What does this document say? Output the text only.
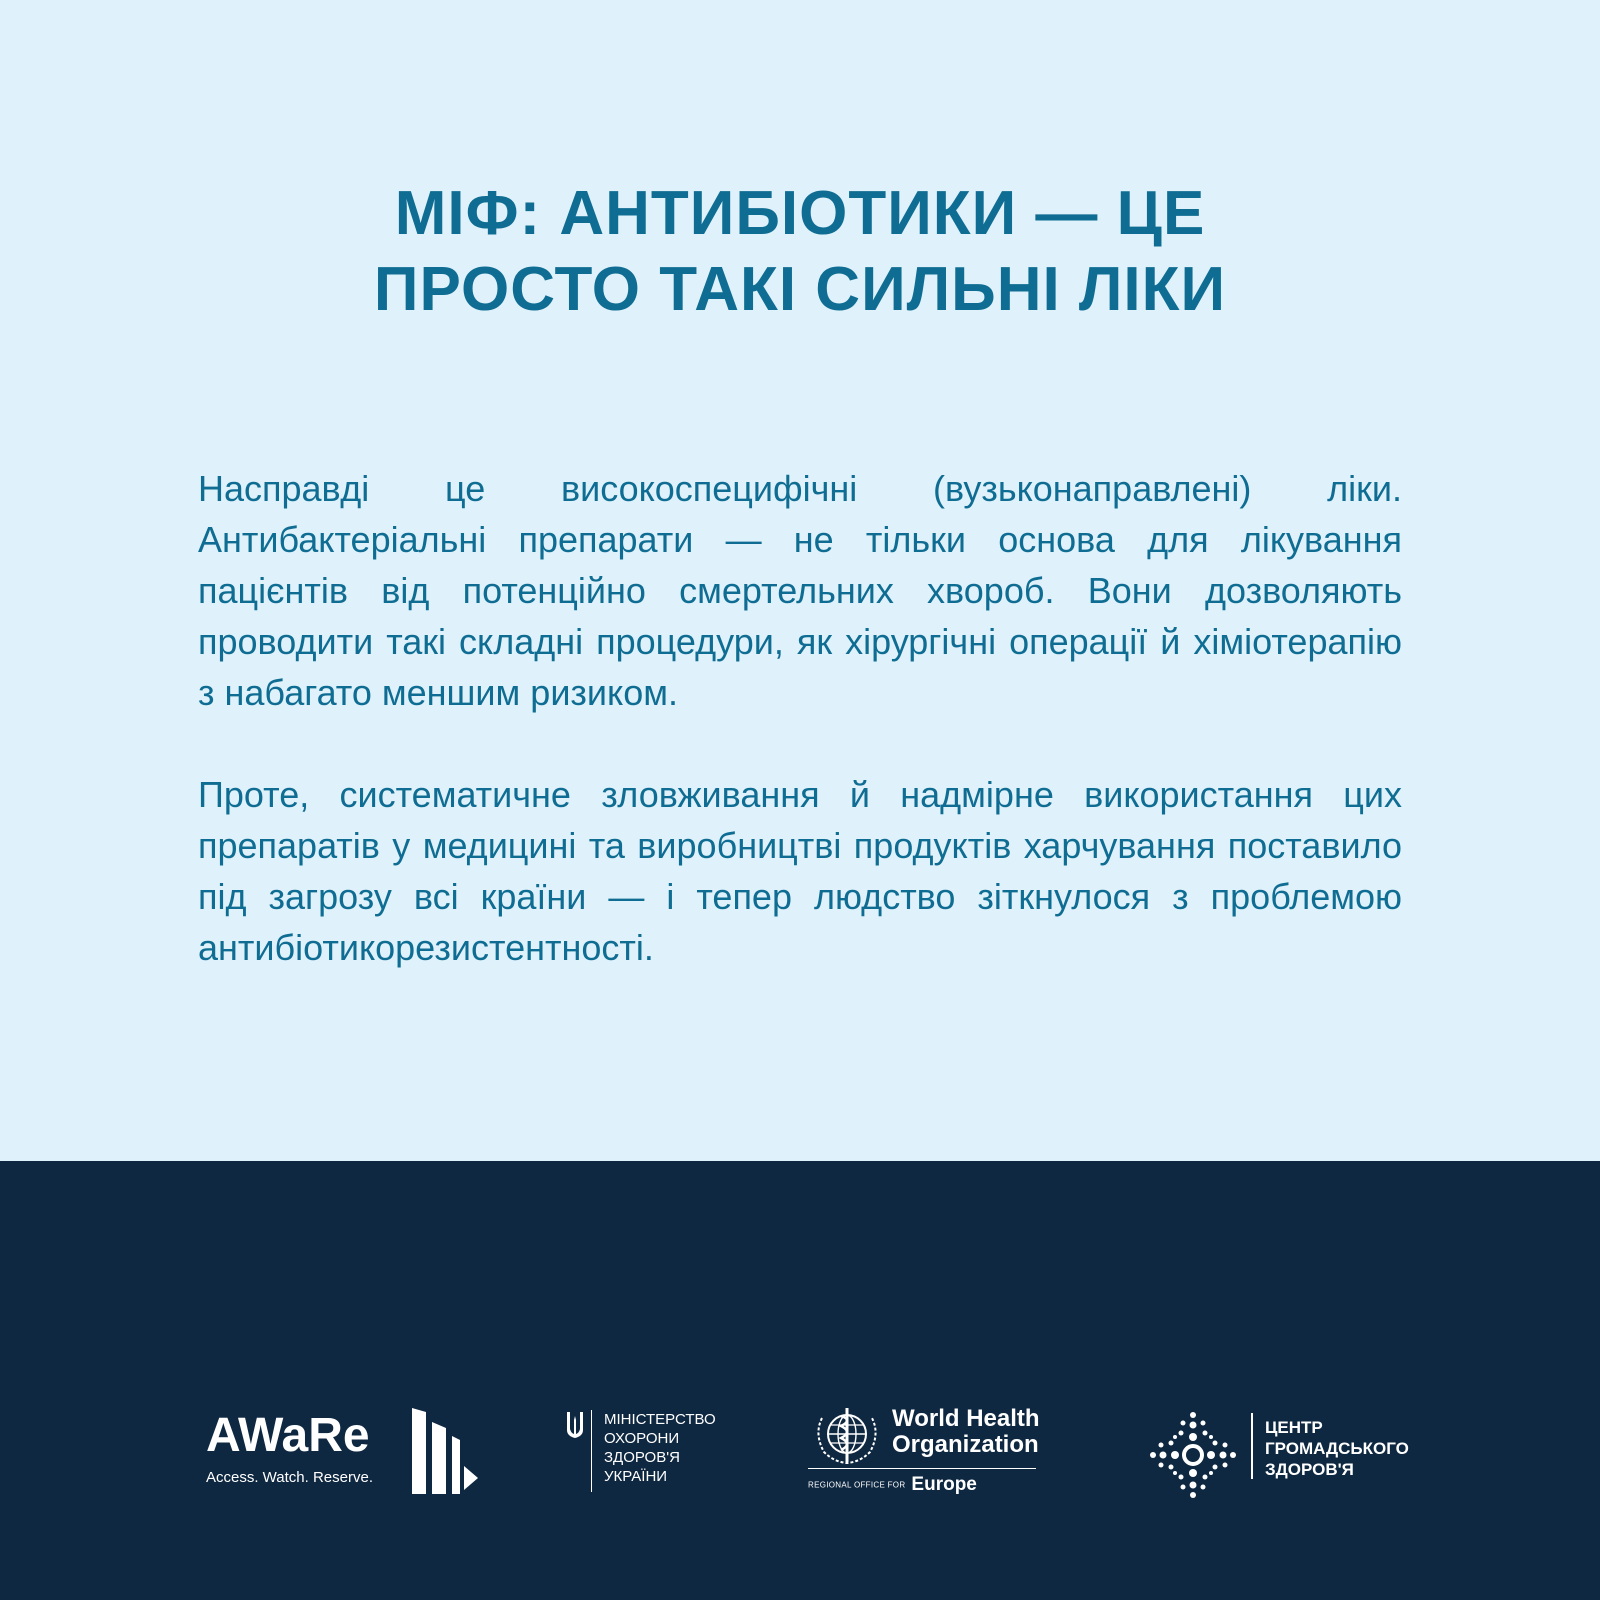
МІФ: АНТИБІОТИКИ — ЦЕ
ПРОСТО ТАКІ СИЛЬНІ ЛІКИ

Насправді це високоспецифічні (вузьконаправлені) ліки. Антибактеріальні препарати — не тільки основа для лікування пацієнтів від потенційно смертельних хвороб. Вони дозволяють проводити такі складні процедури, як хірургічні операції й хіміотерапію з набагато меншим ризиком.

Проте, систематичне зловживання й надмірне використання цих препаратів у медицині та виробництві продуктів харчування поставило під загрозу всі країни — і тепер людство зіткнулося з проблемою антибіотикорезистентності.

AWaRe
Access. Watch. Reserve.
МІНІСТЕРСТВО
ОХОРОНИ
ЗДОРОВ'Я
УКРАЇНИ
World Health
Organization
REGIONAL OFFICE FOR Europe
ЦЕНТР
ГРОМАДСЬКОГО
ЗДОРОВ'Я
